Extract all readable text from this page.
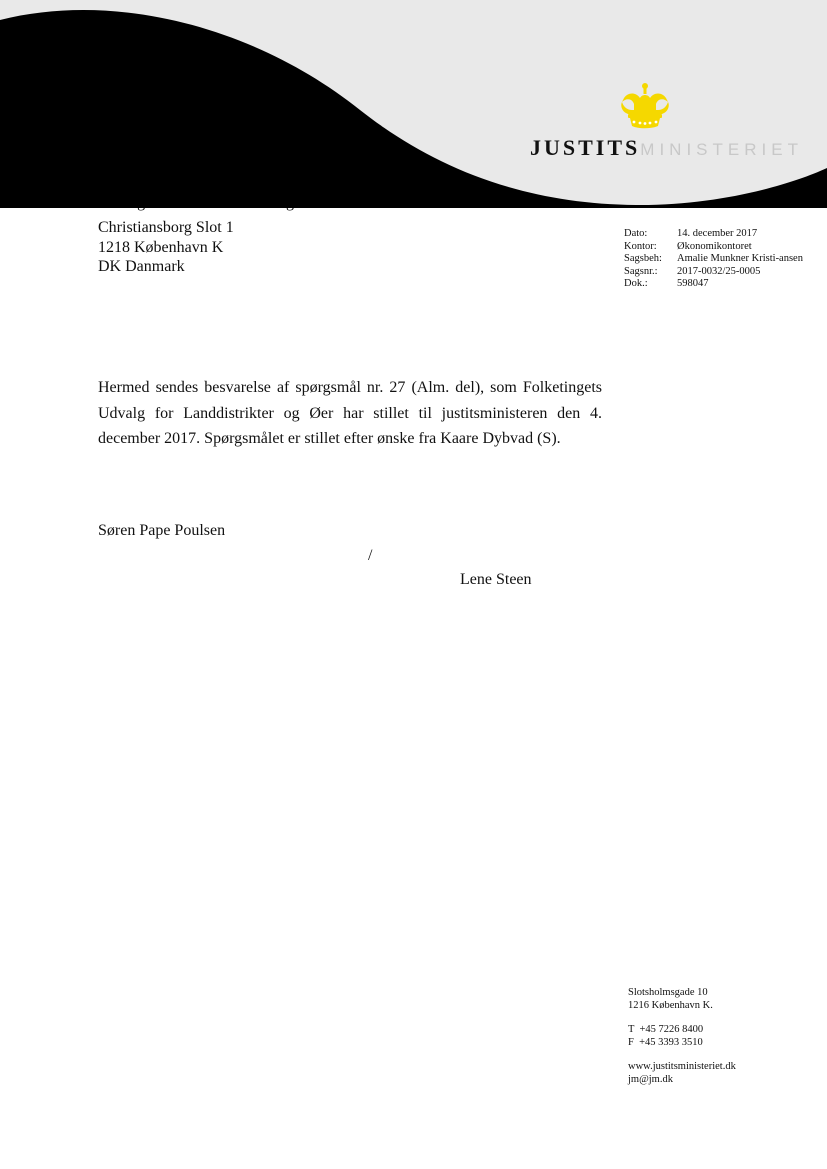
JUSTITSMINISTERIET
Christiansborg Slot 1
1218 København K
DK Danmark
Dato:	14. december 2017
Kontor:	Økonomikontoret
Sagsbeh:	Amalie Munkner Kristi-ansen
Sagsnr.:	2017-0032/25-0005
Dok.:	598047
Hermed sendes besvarelse af spørgsmål nr. 27 (Alm. del), som Folketingets Udvalg for Landdistrikter og Øer har stillet til justitsministeren den 4. december 2017. Spørgsmålet er stillet efter ønske fra Kaare Dybvad (S).
Søren Pape Poulsen
/
Lene Steen
Slotsholmsgade 10
1216 København K.
T  +45 7226 8400
F  +45 3393 3510
www.justitsministeriet.dk
jm@jm.dk
